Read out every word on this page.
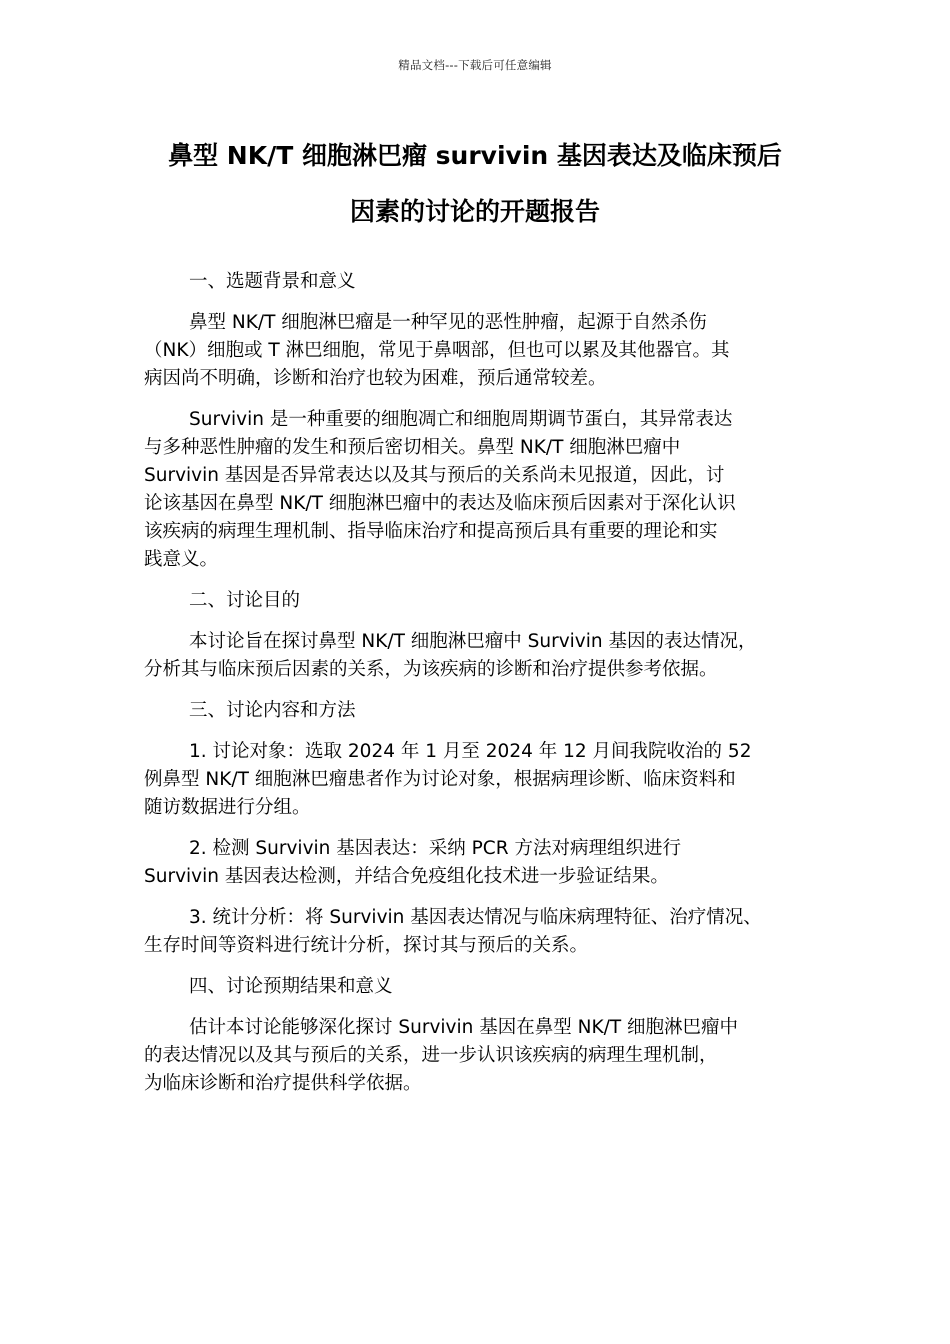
精品文档---下载后可任意编辑
鼻型 NK/T 细胞淋巴瘤 survivin 基因表达及临床预后
因素的讨论的开题报告

一、选题背景和意义

鼻型 NK/T 细胞淋巴瘤是一种罕见的恶性肿瘤，起源于自然杀伤
（NK）细胞或 T 淋巴细胞，常见于鼻咽部，但也可以累及其他器官。其
病因尚不明确，诊断和治疗也较为困难，预后通常较差。

Survivin 是一种重要的细胞凋亡和细胞周期调节蛋白，其异常表达
与多种恶性肿瘤的发生和预后密切相关。鼻型 NK/T 细胞淋巴瘤中
Survivin 基因是否异常表达以及其与预后的关系尚未见报道，因此，讨
论该基因在鼻型 NK/T 细胞淋巴瘤中的表达及临床预后因素对于深化认识
该疾病的病理生理机制、指导临床治疗和提高预后具有重要的理论和实
践意义。

二、讨论目的

本讨论旨在探讨鼻型 NK/T 细胞淋巴瘤中 Survivin 基因的表达情况，
分析其与临床预后因素的关系，为该疾病的诊断和治疗提供参考依据。

三、讨论内容和方法

1. 讨论对象：选取 2024 年 1 月至 2024 年 12 月间我院收治的 52
例鼻型 NK/T 细胞淋巴瘤患者作为讨论对象，根据病理诊断、临床资料和
随访数据进行分组。

2. 检测 Survivin 基因表达：采纳 PCR 方法对病理组织进行
Survivin 基因表达检测，并结合免疫组化技术进一步验证结果。

3. 统计分析：将 Survivin 基因表达情况与临床病理特征、治疗情况、
生存时间等资料进行统计分析，探讨其与预后的关系。

四、讨论预期结果和意义

估计本讨论能够深化探讨 Survivin 基因在鼻型 NK/T 细胞淋巴瘤中
的表达情况以及其与预后的关系，进一步认识该疾病的病理生理机制，
为临床诊断和治疗提供科学依据。
